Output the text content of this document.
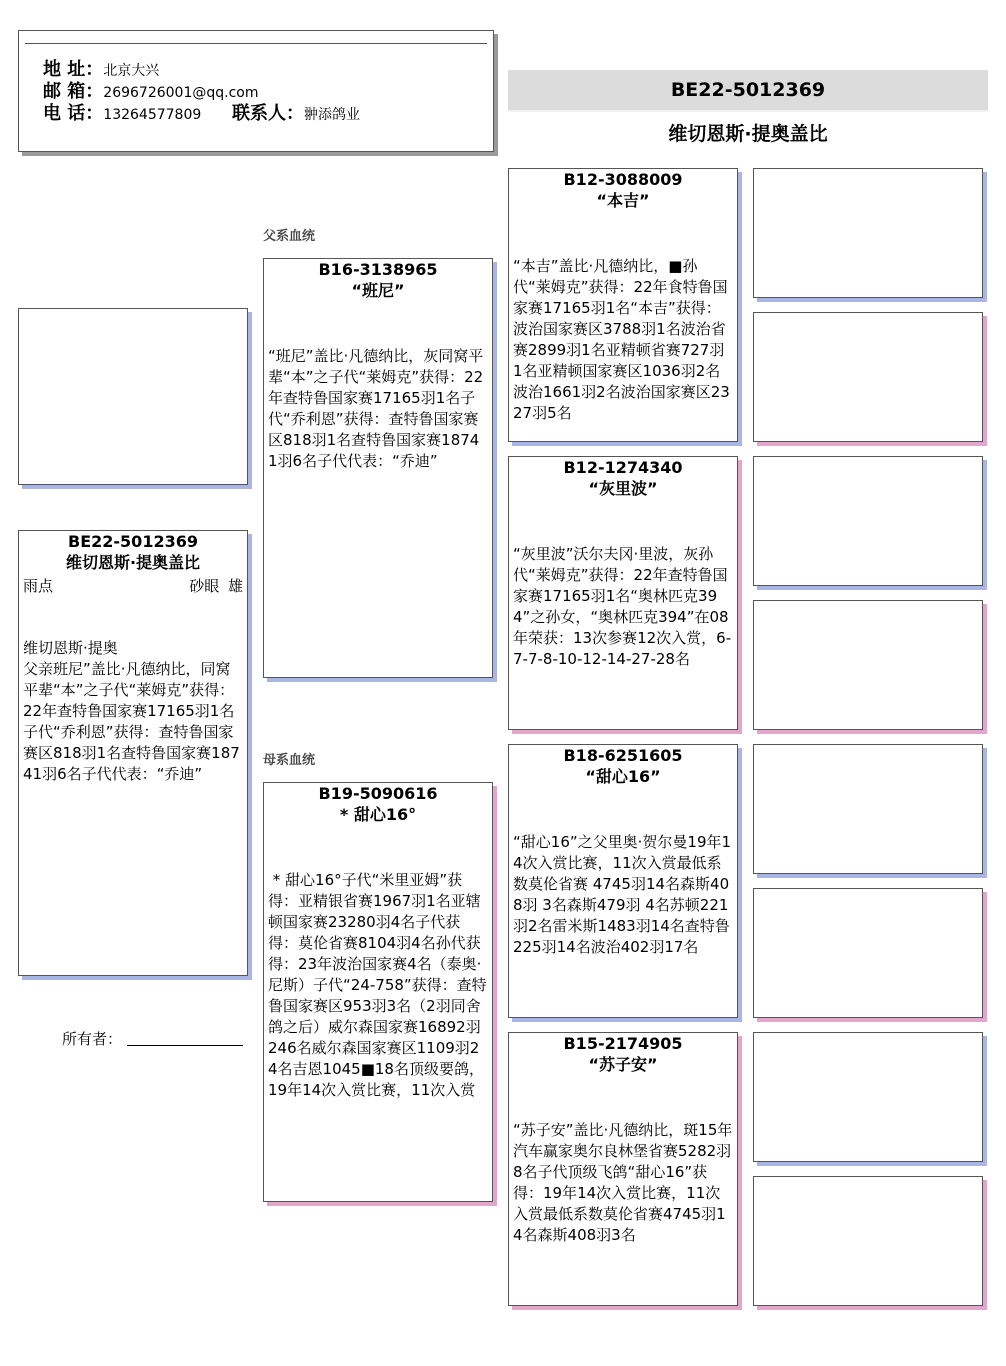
地 址：北京大兴
邮 箱：2696726001@qq.com
电 话：13264577809 联系人：翀添鸽业
BE22-5012369
维切恩斯·提奥盖比
BE22-5012369
维切恩斯·提奥盖比
雨点	砂眼 雄
维切恩斯·提奥
父亲班尼”盖比·凡德纳比，同窝平辈“本”之子代“莱姆克”获得：22年查特鲁国家赛17165羽1名子代“乔利恩”获得：查特鲁国家赛区818羽1名查特鲁国家赛18741羽6名子代代表：“乔迪”
所有者：
父系血统
母系血统
B16-3138965
“班尼”
“班尼”盖比·凡德纳比，灰同窝平辈“本”之子代“莱姆克”获得：22年查特鲁国家赛17165羽1名子代“乔利恩”获得：查特鲁国家赛区818羽1名查特鲁国家赛18741羽6名子代代表：“乔迪”
B19-5090616
* 甜心16°
* 甜心16°子代“米里亚姆”获得：亚精银省赛1967羽1名亚辖顿国家赛23280羽4名子代获得：莫伦省赛8104羽4名孙代获得：23年波治国家赛4名（泰奥·尼斯）子代“24-758”获得：查特鲁国家赛区953羽3名（2羽同舍鸽之后）威尔森国家赛16892羽246名威尔森国家赛区1109羽24名吉恩1045■18名顶级要鸽，19年14次入赏比赛，11次入赏
B12-3088009
“本吉”
“本吉”盖比·凡德纳比，■孙代“莱姆克”获得：22年食特鲁国家赛17165羽1名“本吉”获得：波治国家赛区3788羽1名波治省赛2899羽1名亚精顿省赛727羽1名亚精顿国家赛区1036羽2名波治1661羽2名波治国家赛区2327羽5名
B12-1274340
“灰里波”
“灰里波”沃尔夫冈·里波，灰孙代“莱姆克”获得：22年查特鲁国家赛17165羽1名“奥林匹克394”之孙女，“奥林匹克394”在08年荣获：13次参赛12次入赏，6-7-7-8-10-12-14-27-28名
B18-6251605
“甜心16”
“甜心16”之父里奥·贺尔曼19年14次入赏比赛，11次入赏最低系数莫伦省赛 4745羽14名森斯408羽 3名森斯479羽 4名苏顿221羽2名雷米斯1483羽14名查特鲁225羽14名波治402羽17名
B15-2174905
“苏子安”
“苏子安”盖比·凡德纳比，斑15年汽车赢家奥尔良林堡省赛5282羽8名子代顶级飞鸽“甜心16”获得：19年14次入赏比赛，11次入赏最低系数莫伦省赛4745羽14名森斯408羽3名
